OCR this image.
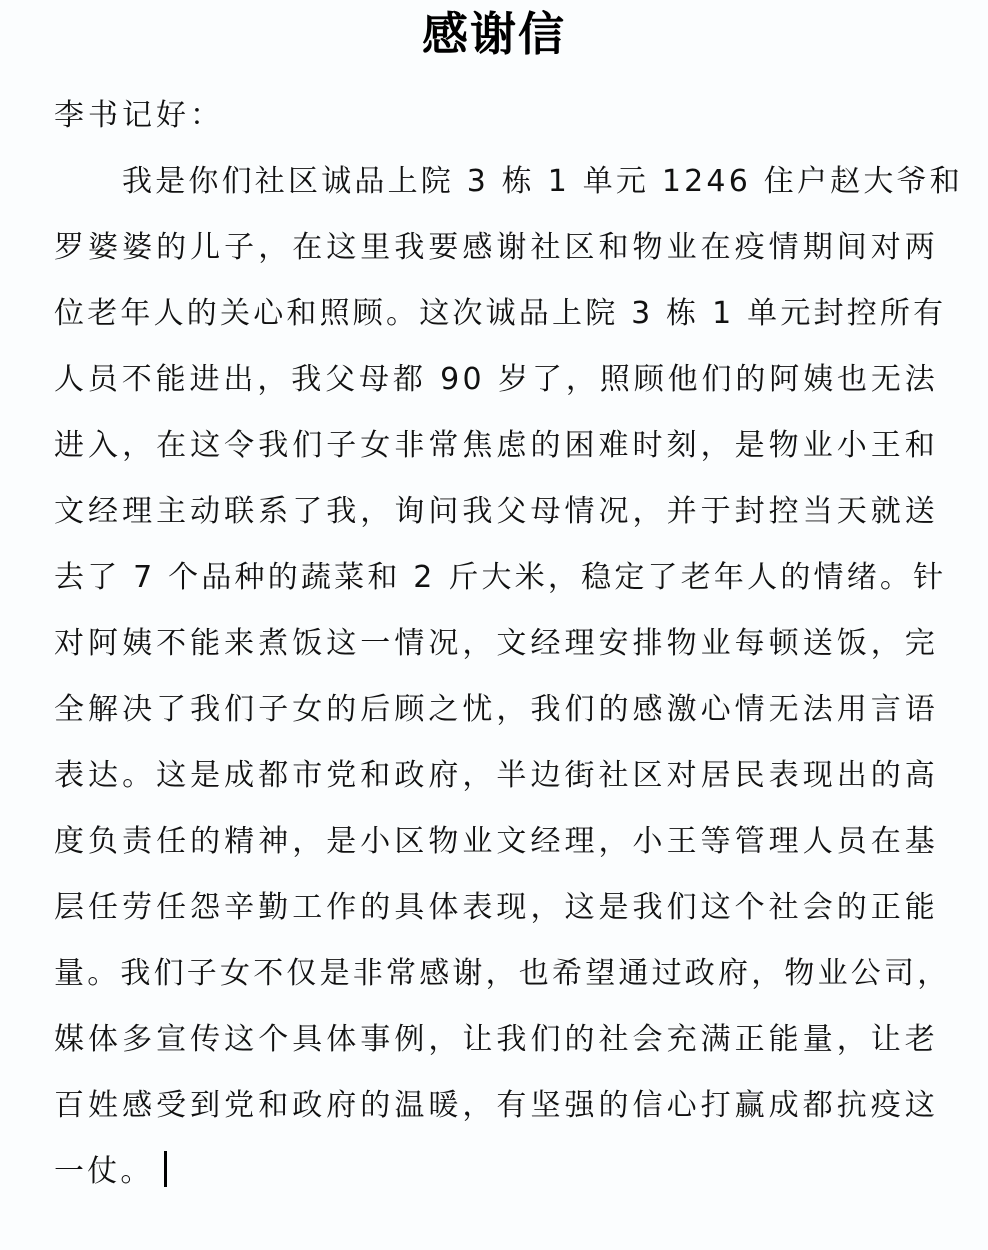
感谢信
李书记好：
我是你们社区诚品上院 3 栋 1 单元 1246 住户赵大爷和
罗婆婆的儿子，在这里我要感谢社区和物业在疫情期间对两
位老年人的关心和照顾。这次诚品上院 3 栋 1 单元封控所有
人员不能进出，我父母都 90 岁了，照顾他们的阿姨也无法
进入，在这令我们子女非常焦虑的困难时刻，是物业小王和
文经理主动联系了我，询问我父母情况，并于封控当天就送
去了 7 个品种的蔬菜和 2 斤大米，稳定了老年人的情绪。针
对阿姨不能来煮饭这一情况，文经理安排物业每顿送饭，完
全解决了我们子女的后顾之忧，我们的感激心情无法用言语
表达。这是成都市党和政府，半边街社区对居民表现出的高
度负责任的精神，是小区物业文经理，小王等管理人员在基
层任劳任怨辛勤工作的具体表现，这是我们这个社会的正能
量。我们子女不仅是非常感谢，也希望通过政府，物业公司，
媒体多宣传这个具体事例，让我们的社会充满正能量，让老
百姓感受到党和政府的温暖，有坚强的信心打赢成都抗疫这
一仗。
